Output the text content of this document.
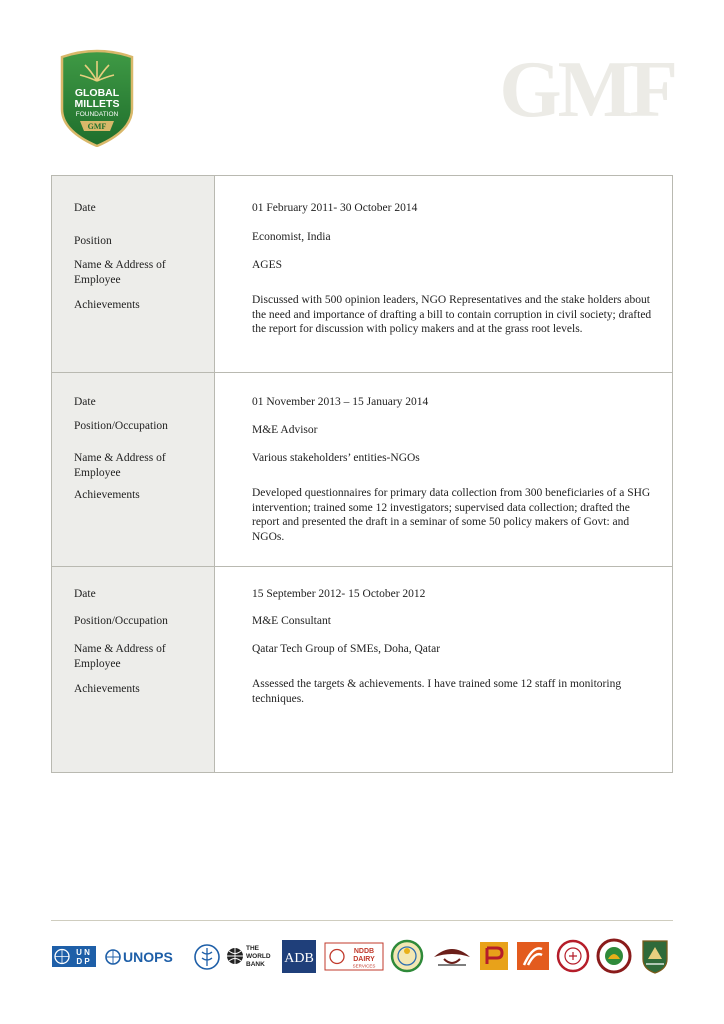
GLOBAL
MILLETS
FOUNDATION
GMF	GMF
Date
Position
Name & Address of Employee
Achievements
01 February 2011- 30 October 2014
Economist, India
AGES
Discussed with 500 opinion leaders, NGO Representatives and the stake holders about the need and importance of drafting a bill to contain corruption in civil society; drafted the report for discussion with policy makers and at the grass root levels.
Date
Position/Occupation
Name & Address of Employee
Achievements
01 November 2013 – 15 January 2014
M&E Advisor
Various stakeholders’ entities-NGOs
Developed questionnaires for primary data collection from 300 beneficiaries of a SHG intervention; trained some 12 investigators; supervised data collection; drafted the report and presented the draft in a seminar of some 50 policy makers of Govt: and NGOs.
Date
Position/Occupation
Name & Address of Employee
Achievements
15 September 2012- 15 October 2012
M&E Consultant
Qatar Tech Group of SMEs, Doha, Qatar
Assessed the targets & achievements. I have trained some 12 staff in monitoring techniques.
U N
D P UNOPS
THE
WORLD
BANK ADB	NDDB
DAIRY
SERVICES
